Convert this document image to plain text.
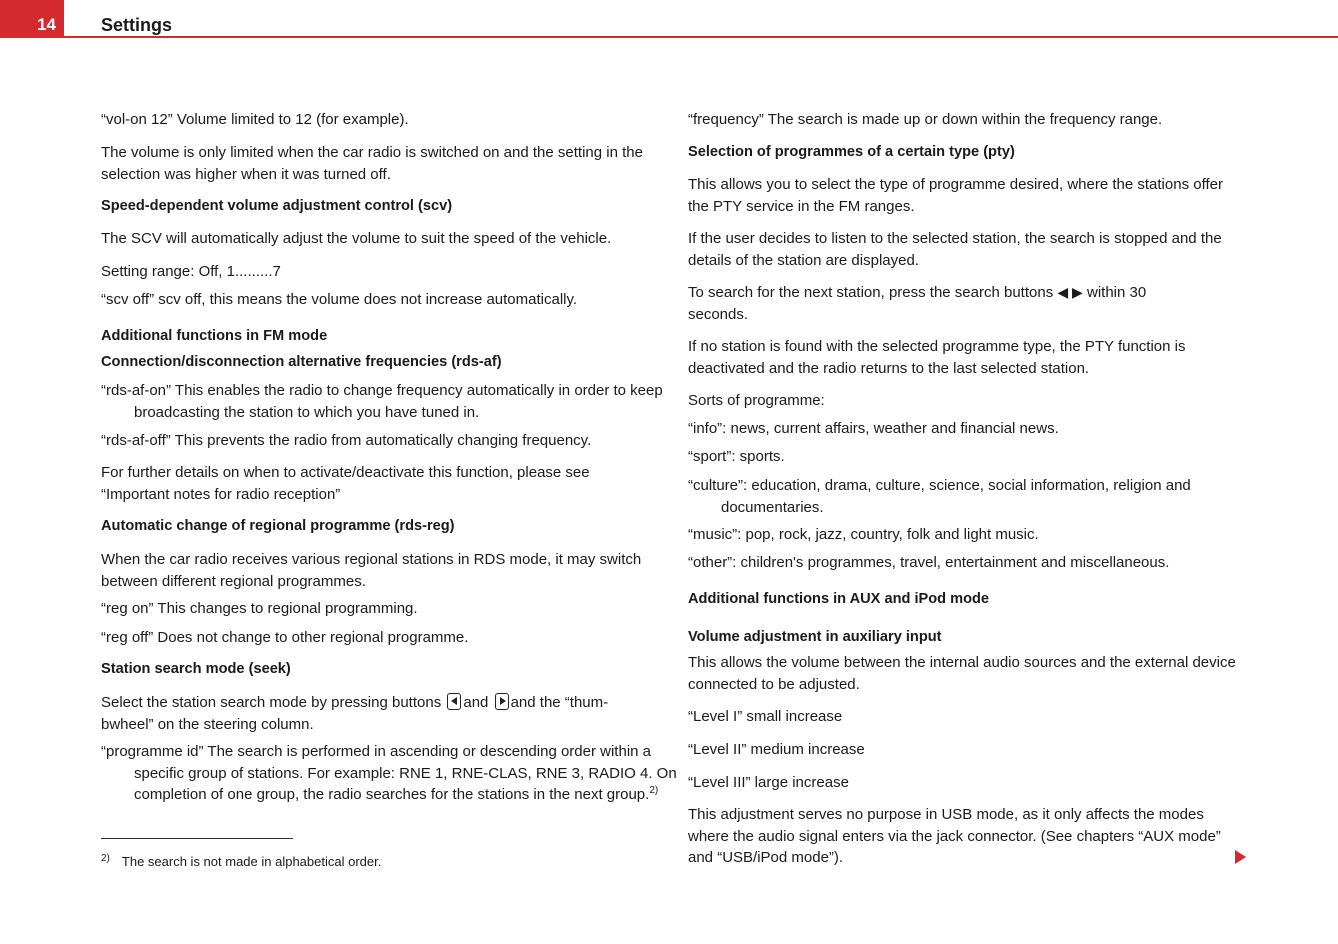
14	Settings
“vol-on 12” Volume limited to 12 (for example).
The volume is only limited when the car radio is switched on and the setting in the selection was higher when it was turned off.
Speed-dependent volume adjustment control (scv)
The SCV will automatically adjust the volume to suit the speed of the vehicle.
Setting range: Off, 1.........7
“scv off” scv off, this means the volume does not increase automatically.
Additional functions in FM mode
Connection/disconnection alternative frequencies (rds-af)
“rds-af-on” This enables the radio to change frequency automatically in order to keep broadcasting the station to which you have tuned in.
“rds-af-off” This prevents the radio from automatically changing frequency.
For further details on when to activate/deactivate this function, please see “Important notes for radio reception”
Automatic change of regional programme (rds-reg)
When the car radio receives various regional stations in RDS mode, it may switch between different regional programmes.
“reg on” This changes to regional programming.
“reg off” Does not change to other regional programme.
Station search mode (seek)
Select the station search mode by pressing buttons and and the “thum-bwheel” on the steering column.
“programme id” The search is performed in ascending or descending order within a specific group of stations. For example: RNE 1, RNE-CLAS, RNE 3, RADIO 4. On completion of one group, the radio searches for the stations in the next group.$^{2)}$
$^{2)}$ The search is not made in alphabetical order.
“frequency” The search is made up or down within the frequency range.
Selection of programmes of a certain type (pty)
This allows you to select the type of programme desired, where the stations offer the PTY service in the FM ranges.
If the user decides to listen to the selected station, the search is stopped and the details of the station are displayed.
To search for the next station, press the search buttons ◀ ▶ within 30 seconds.
If no station is found with the selected programme type, the PTY function is deactivated and the radio returns to the last selected station.
Sorts of programme:
“info”: news, current affairs, weather and financial news.
“sport”: sports.
“culture”: education, drama, culture, science, social information, religion and documentaries.
“music”: pop, rock, jazz, country, folk and light music.
“other”: children's programmes, travel, entertainment and miscellaneous.
Additional functions in AUX and iPod mode
Volume adjustment in auxiliary input
This allows the volume between the internal audio sources and the external device connected to be adjusted.
“Level I” small increase
“Level II” medium increase
“Level III” large increase
This adjustment serves no purpose in USB mode, as it only affects the modes where the audio signal enters via the jack connector. (See chapters “AUX mode” and “USB/iPod mode”).
